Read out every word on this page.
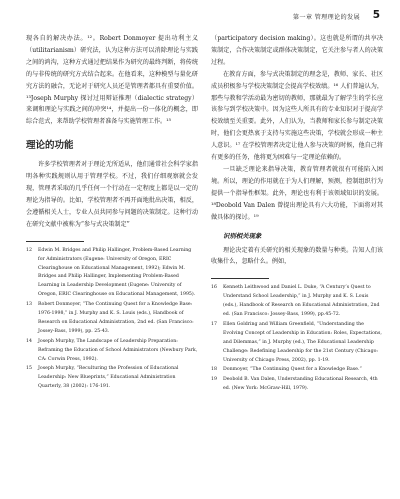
第一章 管理理论的发展 5

现各自的解决办法。¹²。Robert Donmoyer 提出功利主义（utilitarianism）研究法，认为这种方法可以消除理论与实践之间的鸿沟，这种方式通过把结果作为研究的最终判断，将传统的与非传统的研究方式结合起来。在他看来，这种模型与量化研究方法的融合，无论对于研究人员还是管理者都具有重要价值。¹³Joseph Murphy 探讨过用辩证推理（dialectic strategy）来调和理论与实践之间的冲突¹⁴，并提出一份一体化的概念，即综合范式，来帮助学校管理者准备与实施管理工作。¹⁵

理论的功能

许多学校管理者对于理论无所适从，他们通常社会科学家指明各种实践规则认用于管理学校。不过，我们仔细观察就会发现，管理者采取的几乎任何一个行动在一定程度上都是以一定的理论为指导的。比如，学校管理者不再开面地批出决策，相反，会遵循相关人士，专业人员共同参与问题的决策制定。这种行动在研究文献中被称为“参与式决策制定”

12 Edwin M. Bridges and Philip Hallinger, Problem-Based Learning for Administrators (Eugene: University of Oregon, ERIC Clearinghouse on Educational Management, 1992); Edwin M. Bridges and Philip Hallinger, Implementing Problem-Based Learning in Leadership Development (Eugene: University of Oregon, ERIC Clearinghouse on Educational Management, 1995).
13 Robert Donmoyer, “The Continuing Quest for a Knowledge Base: 1976-1998,” in J. Murphy and K. S. Louis (eds.), Handbook of Research on Educational Administration, 2nd ed. (San Francisco: Jossey-Bass, 1999), pp. 25-43.
14 Joseph Murphy, The Landscape of Leadership Preparation: Reframing the Education of School Administrators (Newbury Park, CA: Corwin Press, 1992).
15 Joseph Murphy, “Reculturing the Profession of Educational Leadership: New Blueprints,” Educational Administration Quarterly, 38 (2002): 176-191.

（participatory decision making）。这也就是所谓的共享决策制定，合作决策制定或群体决策制定，它关注参与者人的决策过程。

在教育方面，参与式决策制定的理念是，教师、家长、社区成员积极参与学校决策制定会提高学校效绩。¹⁶ 人们普遍认为，那些与教和学活动最为密切的教师，那就最为了解学生的学长应该参与到学校决策中。因为这些人所具有的专业知识对于提高学校效绩至关重要。此外，人们认为，当教师和家长参与制定决策时，他们会更热衷于支持与实施这些决策，学校就会形成一种主人意识。¹⁷ 在学校管理者决定让他人参与决策的时候，他自己将有更多的任务，他将更为困难与一定理论依赖的。

一旦缺乏理论来指导决策，教育管理者就很有可能陷入困境。所以，理论的作用就在于为人们理解，预测，控制组织行为提供一个指导性框架。此外，理论也有利于该领域知识的发展。¹⁸Deobold Van Dalen 曾提出理论具有六大功能，下面将对其做具体的探讨。¹⁹

识别相关现象

理论决定着有关研究的相关现象的数量与种类。告知人们该收集什么，忽略什么。例如，

16 Kenneth Leithwood and Daniel L. Duke, “A Century’s Quest to Understand School Leadership,” in J. Murphy and K. S. Louis (eds.), Handbook of Research on Educational Administration, 2nd ed. (San Francisco: Jossey-Bass, 1999), pp.45-72.
17 Ellen Goldring and William Greenfield, “Understanding the Evolving Concept of Leadership in Education: Roles, Expectations, and Dilemmas,” in J. Murphy (ed.), The Educational Leadership Challenge: Redefining Leadership for the 21st Century (Chicago: University of Chicago Press, 2002), pp. 1-19.
18 Donmoyer, “The Continuing Quest for a Knowledge Base.”
19 Deobold B. Van Dalen, Understanding Educational Research, 4th ed. (New York: McGraw-Hill, 1979).
